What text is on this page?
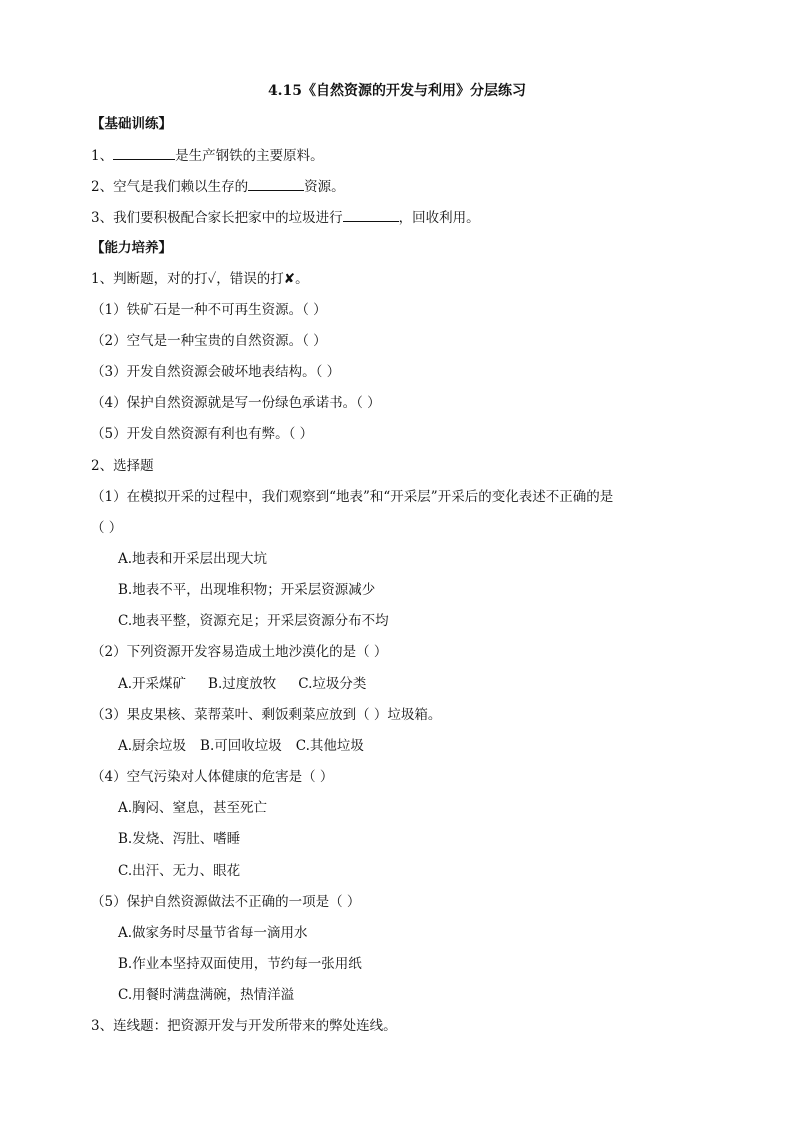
4.15《自然资源的开发与利用》分层练习
【基础训练】
1、	是生产钢铁的主要原料。
2、空气是我们赖以生存的	资源。
3、我们要积极配合家长把家中的垃圾进行	，回收利用。
【能力培养】
1、判断题，对的打✓，错误的打✘。
（1）铁矿石是一种不可再生资源。（ ）
（2）空气是一种宝贵的自然资源。（ ）
（3）开发自然资源会破坏地表结构。（ ）
（4）保护自然资源就是写一份绿色承诺书。（ ）
（5）开发自然资源有利也有弊。（ ）
2、选择题
（1）在模拟开采的过程中，我们观察到“地表”和“开采层”开采后的变化表述不正确的是
（ ）
A.地表和开采层出现大坑
B.地表不平，出现堆积物；开采层资源减少
C.地表平整，资源充足；开采层资源分布不均
（2）下列资源开发容易造成土地沙漠化的是（ ）
A.开采煤矿 B.过度放牧 C.垃圾分类
（3）果皮果核、菜帮菜叶、剩饭剩菜应放到（ ）垃圾箱。
A.厨余垃圾 B.可回收垃圾 C.其他垃圾
（4）空气污染对人体健康的危害是（ ）
A.胸闷、窒息，甚至死亡
B.发烧、泻肚、嗜睡
C.出汗、无力、眼花
（5）保护自然资源做法不正确的一项是（ ）
A.做家务时尽量节省每一滴用水
B.作业本坚持双面使用，节约每一张用纸
C.用餐时满盘满碗，热情洋溢
3、连线题：把资源开发与开发所带来的弊处连线。
